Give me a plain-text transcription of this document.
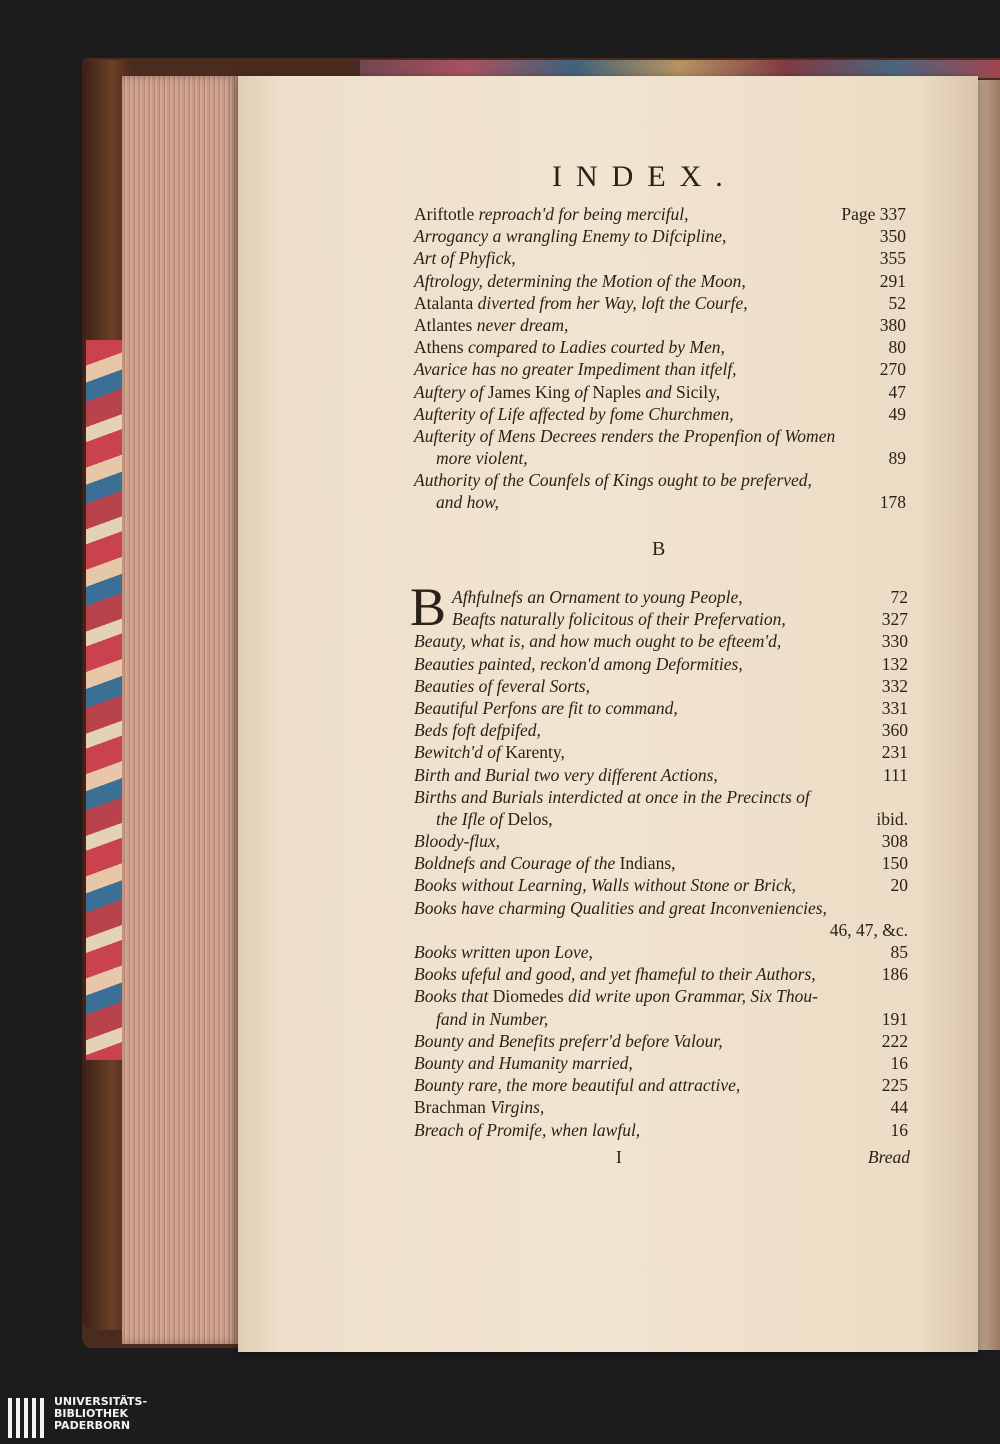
INDEX.
Ariftotle reproach'd for being merciful,	Page 337
Arrogancy a wrangling Enemy to Difcipline,	350
Art of Phyfick,	355
Aftrology, determining the Motion of the Moon,	291
Atalanta diverted from her Way, loft the Courfe,	52
Atlantes never dream,	380
Athens compared to Ladies courted by Men,	80
Avarice has no greater Impediment than itfelf,	270
Auftery of James King of Naples and Sicily,	47
Aufterity of Life affected by fome Churchmen,	49
Aufterity of Mens Decrees renders the Propenfion of Women
more violent,	89
Authority of the Counfels of Kings ought to be preferved,
and how,	178
B
B Afhfulnefs an Ornament to young People,	72
Beafts naturally folicitous of their Prefervation,	327
Beauty, what is, and how much ought to be efteem'd,	330
Beauties painted, reckon'd among Deformities,	132
Beauties of feveral Sorts,	332
Beautiful Perfons are fit to command,	331
Beds foft defpifed,	360
Bewitch'd of Karenty,	231
Birth and Burial two very different Actions,	111
Births and Burials interdicted at once in the Precincts of
the Ifle of Delos,	ibid.
Bloody-flux,	308
Boldnefs and Courage of the Indians,	150
Books without Learning, Walls without Stone or Brick,	20
Books have charming Qualities and great Inconveniencies,
46, 47, &c.
Books written upon Love,	85
Books ufeful and good, and yet fhameful to their Authors,	186
Books that Diomedes did write upon Grammar, Six Thou-
fand in Number,	191
Bounty and Benefits preferr'd before Valour,	222
Bounty and Humanity married,	16
Bounty rare, the more beautiful and attractive,	225
Brachman Virgins,	44
Breach of Promife, when lawful,	16
I	Bread
UNIVERSITÄTS-
BIBLIOTHEK
PADERBORN
